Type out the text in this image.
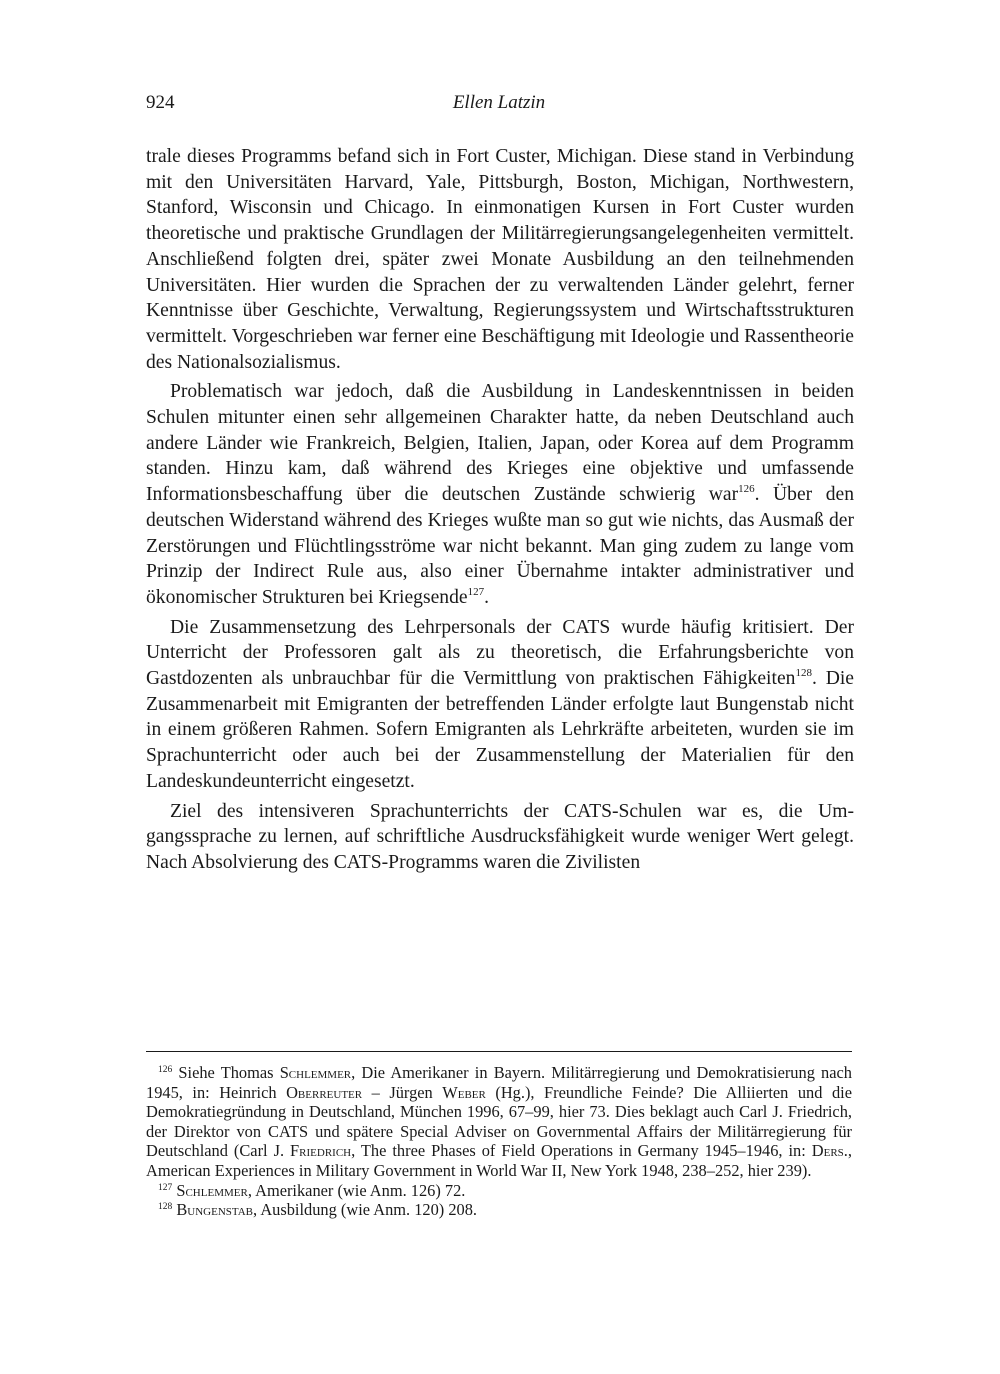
924	Ellen Latzin

trale dieses Programms befand sich in Fort Custer, Michigan. Diese stand in Verbindung mit den Universitäten Harvard, Yale, Pittsburgh, Boston, Michigan, Northwestern, Stanford, Wisconsin und Chicago. In einmonatigen Kursen in Fort Custer wurden theoretische und praktische Grundlagen der Militärregierungsangelegenheiten vermittelt. Anschließend folgten drei, später zwei Monate Ausbildung an den teilnehmenden Universitäten. Hier wurden die Sprachen der zu verwaltenden Länder gelehrt, ferner Kenntnisse über Geschichte, Verwaltung, Regierungssystem und Wirtschaftsstrukturen vermittelt. Vorgeschrieben war ferner eine Beschäftigung mit Ideologie und Rassentheorie des Nationalsozialismus.

Problematisch war jedoch, daß die Ausbildung in Landeskenntnissen in beiden Schulen mitunter einen sehr allgemeinen Charakter hatte, da neben Deutschland auch andere Länder wie Frankreich, Belgien, Italien, Japan, oder Korea auf dem Programm standen. Hinzu kam, daß während des Krieges eine objektive und umfassende Informationsbeschaffung über die deutschen Zustände schwierig war$^{126}$. Über den deutschen Widerstand während des Krieges wußte man so gut wie nichts, das Ausmaß der Zerstörungen und Flüchtlingsströme war nicht bekannt. Man ging zudem zu lange vom Prinzip der Indirect Rule aus, also einer Übernahme intakter administrativer und ökonomischer Strukturen bei Kriegsende$^{127}$.

Die Zusammensetzung des Lehrpersonals der CATS wurde häufig kritisiert. Der Unterricht der Professoren galt als zu theoretisch, die Erfahrungsberichte von Gastdozenten als unbrauchbar für die Vermittlung von praktischen Fähigkeiten$^{128}$. Die Zusammenarbeit mit Emigranten der betreffenden Länder erfolgte laut Bungenstab nicht in einem größeren Rahmen. Sofern Emigranten als Lehrkräfte arbeiteten, wurden sie im Sprachunterricht oder auch bei der Zusammenstellung der Materialien für den Landeskundeunterricht eingesetzt.

Ziel des intensiveren Sprachunterrichts der CATS-Schulen war es, die Umgangssprache zu lernen, auf schriftliche Ausdrucksfähigkeit wurde weniger Wert gelegt. Nach Absolvierung des CATS-Programms waren die Zivilisten

$^{126}$ Siehe Thomas Schlemmer, Die Amerikaner in Bayern. Militärregierung und Demokratisierung nach 1945, in: Heinrich Oberreuter – Jürgen Weber (Hg.), Freundliche Feinde? Die Alliierten und die Demokratiegründung in Deutschland, München 1996, 67–99, hier 73. Dies beklagt auch Carl J. Friedrich, der Direktor von CATS und spätere Special Adviser on Governmental Affairs der Militärregierung für Deutschland (Carl J. Friedrich, The three Phases of Field Operations in Germany 1945–1946, in: Ders., American Experiences in Military Government in World War II, New York 1948, 238–252, hier 239).

$^{127}$ Schlemmer, Amerikaner (wie Anm. 126) 72.

$^{128}$ Bungenstab, Ausbildung (wie Anm. 120) 208.
